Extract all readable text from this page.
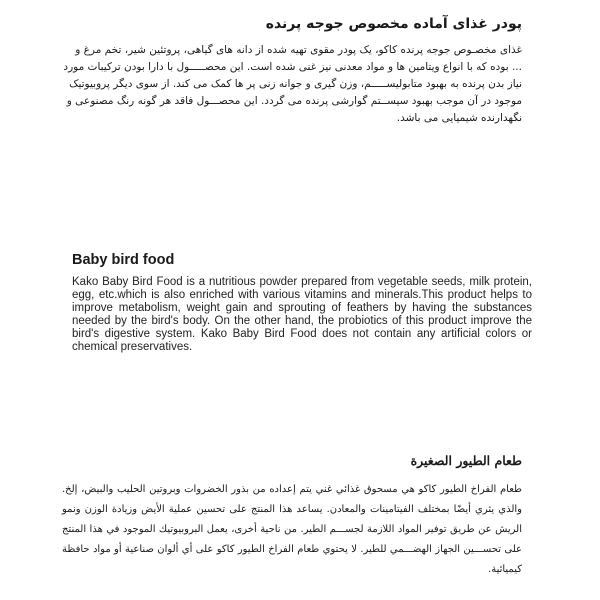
پودر غذای آماده مخصوص جوجه پرنده

غذای مخصـوص جوجه پرنده کاکو، یک پودر مقوی تهیه شده از دانه های گیاهی، پروتئین شیر، تخم مرغ و ... بوده که با انواع ویتامین ها و مواد معدنی نیز غنی شده است. این محصـــــول با دارا بودن ترکیبات مورد نیاز بدن پرنده به بهبود متابولیســـــم، وزن گیری و جوانه زنی پر ها کمک می کند. از سوی دیگر پروبیوتیک موجود در آن موجب بهبود سیســتم گوارشی پرنده می گردد. این محصـــول فاقد هر گونه رنگ مصنوعی و نگهدارنده شیمیایی می باشد.

Baby bird food

Kako Baby Bird Food is a nutritious powder prepared from vegetable seeds, milk protein, egg, etc.which is also enriched with various vitamins and minerals.This product helps to improve metabolism, weight gain and sprouting of feathers by having the substances needed by the bird's body. On the other hand, the probiotics of this product improve the bird's digestive system. Kako Baby Bird Food does not contain any artificial colors or chemical preservatives.

طعام الطيور الصغيرة

طعام الفراخ الطيور كاكو هي مسحوق غذائي غني يتم إعداده من بذور الخضروات وبروتين الحليب والبيض، إلخ. والذي يثري أيضًا بمختلف الفيتامينات والمعادن. يساعد هذا المنتج على تحسين عملية الأيض وزيادة الوزن ونمو الريش عن طريق توفير المواد اللازمة لجســـم الطير. من ناحية أخرى، يعمل البروبيوتيك الموجود في هذا المنتج على تحســـين الجهاز الهضـــمي للطير. لا يحتوي طعام الفراخ الطيور كاكو على أي ألوان صناعية أو مواد حافظة كيميائية.
